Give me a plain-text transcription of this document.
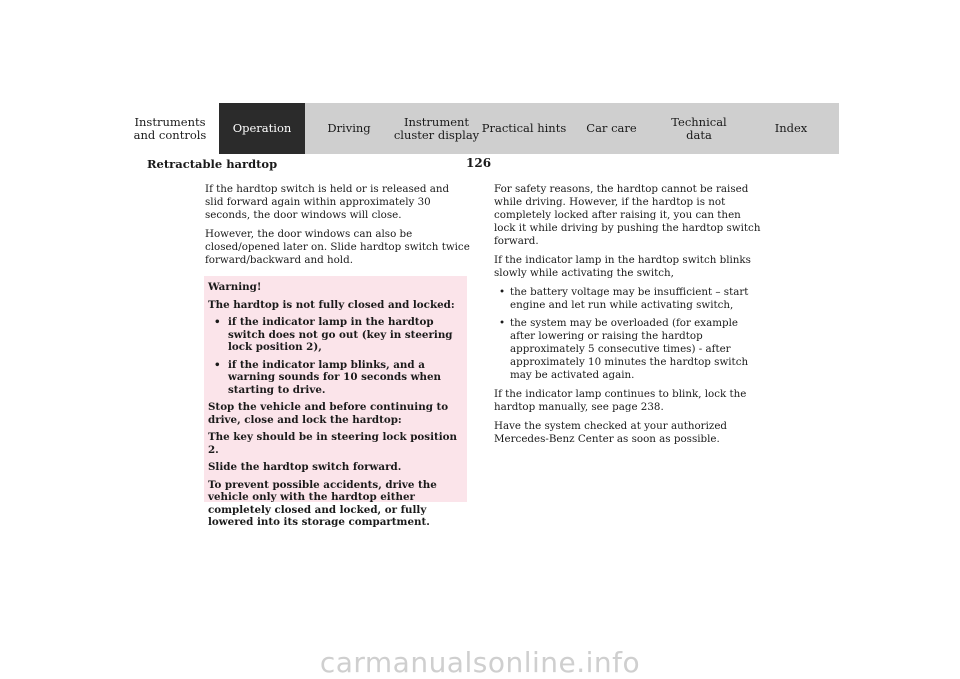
Instruments
and controls	Operation	Driving	Instrument
cluster display Practical hints	Car care	Technical
data	Index
Retractable hardtop	126

If the hardtop switch is held or is released and slid forward again within approximately 30 seconds, the door windows will close.

However, the door windows can also be closed/opened later on. Slide hardtop switch twice forward/backward and hold.

Warning!

The hardtop is not fully closed and locked:

• if the indicator lamp in the hardtop switch does not go out (key in steering lock position 2),
• if the indicator lamp blinks, and a warning sounds for 10 seconds when starting to drive.

Stop the vehicle and before continuing to drive, close and lock the hardtop:

The key should be in steering lock position 2.

Slide the hardtop switch forward.

To prevent possible accidents, drive the vehicle only with the hardtop either completely closed and locked, or fully lowered into its storage compartment.

For safety reasons, the hardtop cannot be raised while driving. However, if the hardtop is not completely locked after raising it, you can then lock it while driving by pushing the hardtop switch forward.

If the indicator lamp in the hardtop switch blinks slowly while activating the switch,

• the battery voltage may be insufficient – start engine and let run while activating switch,
• the system may be overloaded (for example after lowering or raising the hardtop approximately 5 consecutive times) - after approximately 10 minutes the hardtop switch may be activated again.

If the indicator lamp continues to blink, lock the hardtop manually, see page 238.

Have the system checked at your authorized Mercedes-Benz Center as soon as possible.

carmanualsonline.info
